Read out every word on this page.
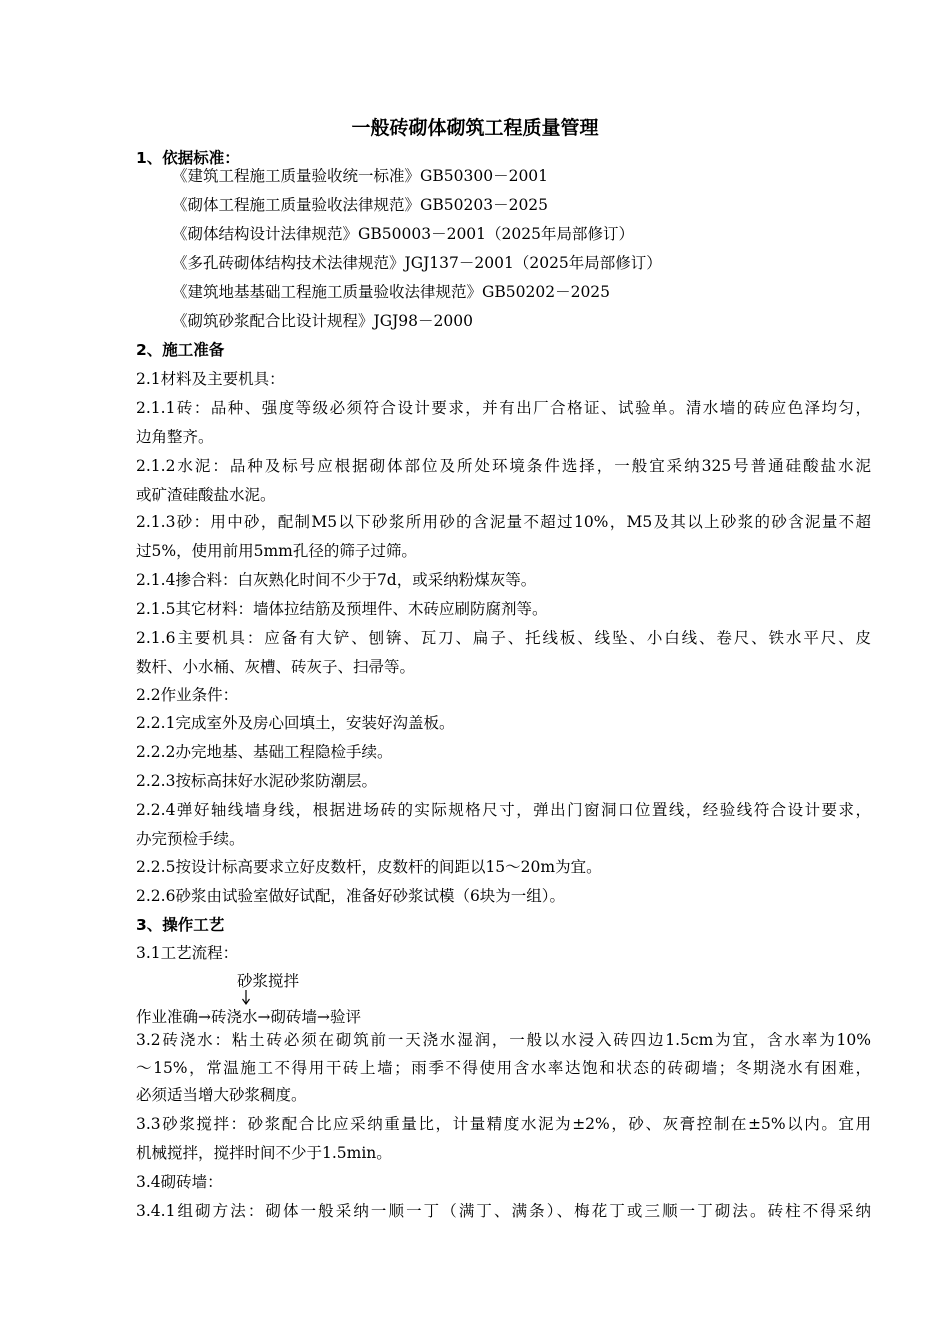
一般砖砌体砌筑工程质量管理
1、依据标准：
《建筑工程施工质量验收统一标准》GB50300－2001
《砌体工程施工质量验收法律规范》GB50203－2025
《砌体结构设计法律规范》GB50003－2001（2025年局部修订）
《多孔砖砌体结构技术法律规范》JGJ137－2001（2025年局部修订）
《建筑地基基础工程施工质量验收法律规范》GB50202－2025
《砌筑砂浆配合比设计规程》JGJ98－2000
2、施工准备
2.1材料及主要机具：
2.1.1砖：品种、强度等级必须符合设计要求，并有出厂合格证、试验单。清水墙的砖应色泽均匀，
边角整齐。
2.1.2水泥：品种及标号应根据砌体部位及所处环境条件选择，一般宜采纳325号普通硅酸盐水泥
或矿渣硅酸盐水泥。
2.1.3砂：用中砂，配制M5以下砂浆所用砂的含泥量不超过10%，M5及其以上砂浆的砂含泥量不超
过5%，使用前用5mm孔径的筛子过筛。
2.1.4掺合料：白灰熟化时间不少于7d，或采纳粉煤灰等。
2.1.5其它材料：墙体拉结筋及预埋件、木砖应刷防腐剂等。
2.1.6主要机具：应备有大铲、刨锛、瓦刀、扁子、托线板、线坠、小白线、卷尺、铁水平尺、皮
数杆、小水桶、灰槽、砖灰子、扫帚等。
2.2作业条件：
2.2.1完成室外及房心回填土，安装好沟盖板。
2.2.2办完地基、基础工程隐检手续。
2.2.3按标高抹好水泥砂浆防潮层。
2.2.4弹好轴线墙身线，根据进场砖的实际规格尺寸，弹出门窗洞口位置线，经验线符合设计要求，
办完预检手续。
2.2.5按设计标高要求立好皮数杆，皮数杆的间距以15～20m为宜。
2.2.6砂浆由试验室做好试配，准备好砂浆试模（6块为一组）。
3、操作工艺
3.1工艺流程：
砂浆搅拌
作业准确→砖浇水→砌砖墙→验评
3.2砖浇水：粘土砖必须在砌筑前一天浇水湿润，一般以水浸入砖四边1.5cm为宜，含水率为10%
～15%，常温施工不得用干砖上墙；雨季不得使用含水率达饱和状态的砖砌墙；冬期浇水有困难，
必须适当增大砂浆稠度。
3.3砂浆搅拌：砂浆配合比应采纳重量比，计量精度水泥为±2%，砂、灰膏控制在±5%以内。宜用
机械搅拌，搅拌时间不少于1.5min。
3.4砌砖墙：
3.4.1组砌方法：砌体一般采纳一顺一丁（满丁、满条）、梅花丁或三顺一丁砌法。砖柱不得采纳
